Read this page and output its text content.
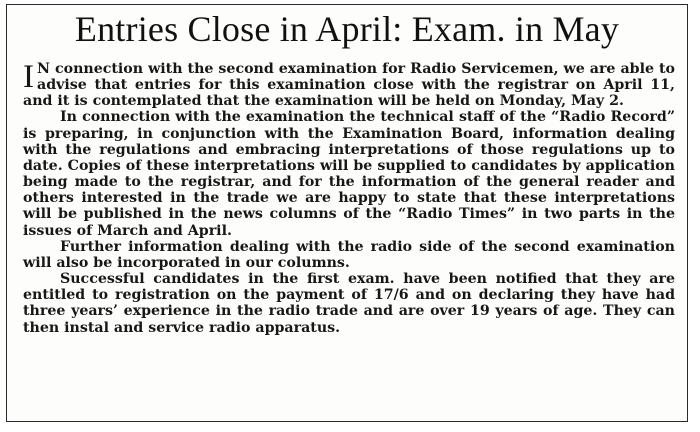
Entries Close in April: Exam. in May

I N connection with the second examination for Radio Servicemen, we are able to advise that entries for this examination close with the registrar on April 11, and it is contemplated that the examination will be held on Monday, May 2.

In connection with the examination the technical staff of the “Radio Record” is preparing, in conjunction with the Examination Board, information dealing with the regulations and embracing interpretations of those regulations up to date. Copies of these interpretations will be supplied to candidates by application being made to the registrar, and for the information of the general reader and others interested in the trade we are happy to state that these interpretations will be published in the news columns of the “Radio Times” in two parts in the issues of March and April.

Further information dealing with the radio side of the second examination will also be incorporated in our columns.

Successful candidates in the first exam. have been notified that they are entitled to registration on the payment of 17/6 and on declaring they have had three years’ experience in the radio trade and are over 19 years of age. They can then instal and service radio apparatus.
